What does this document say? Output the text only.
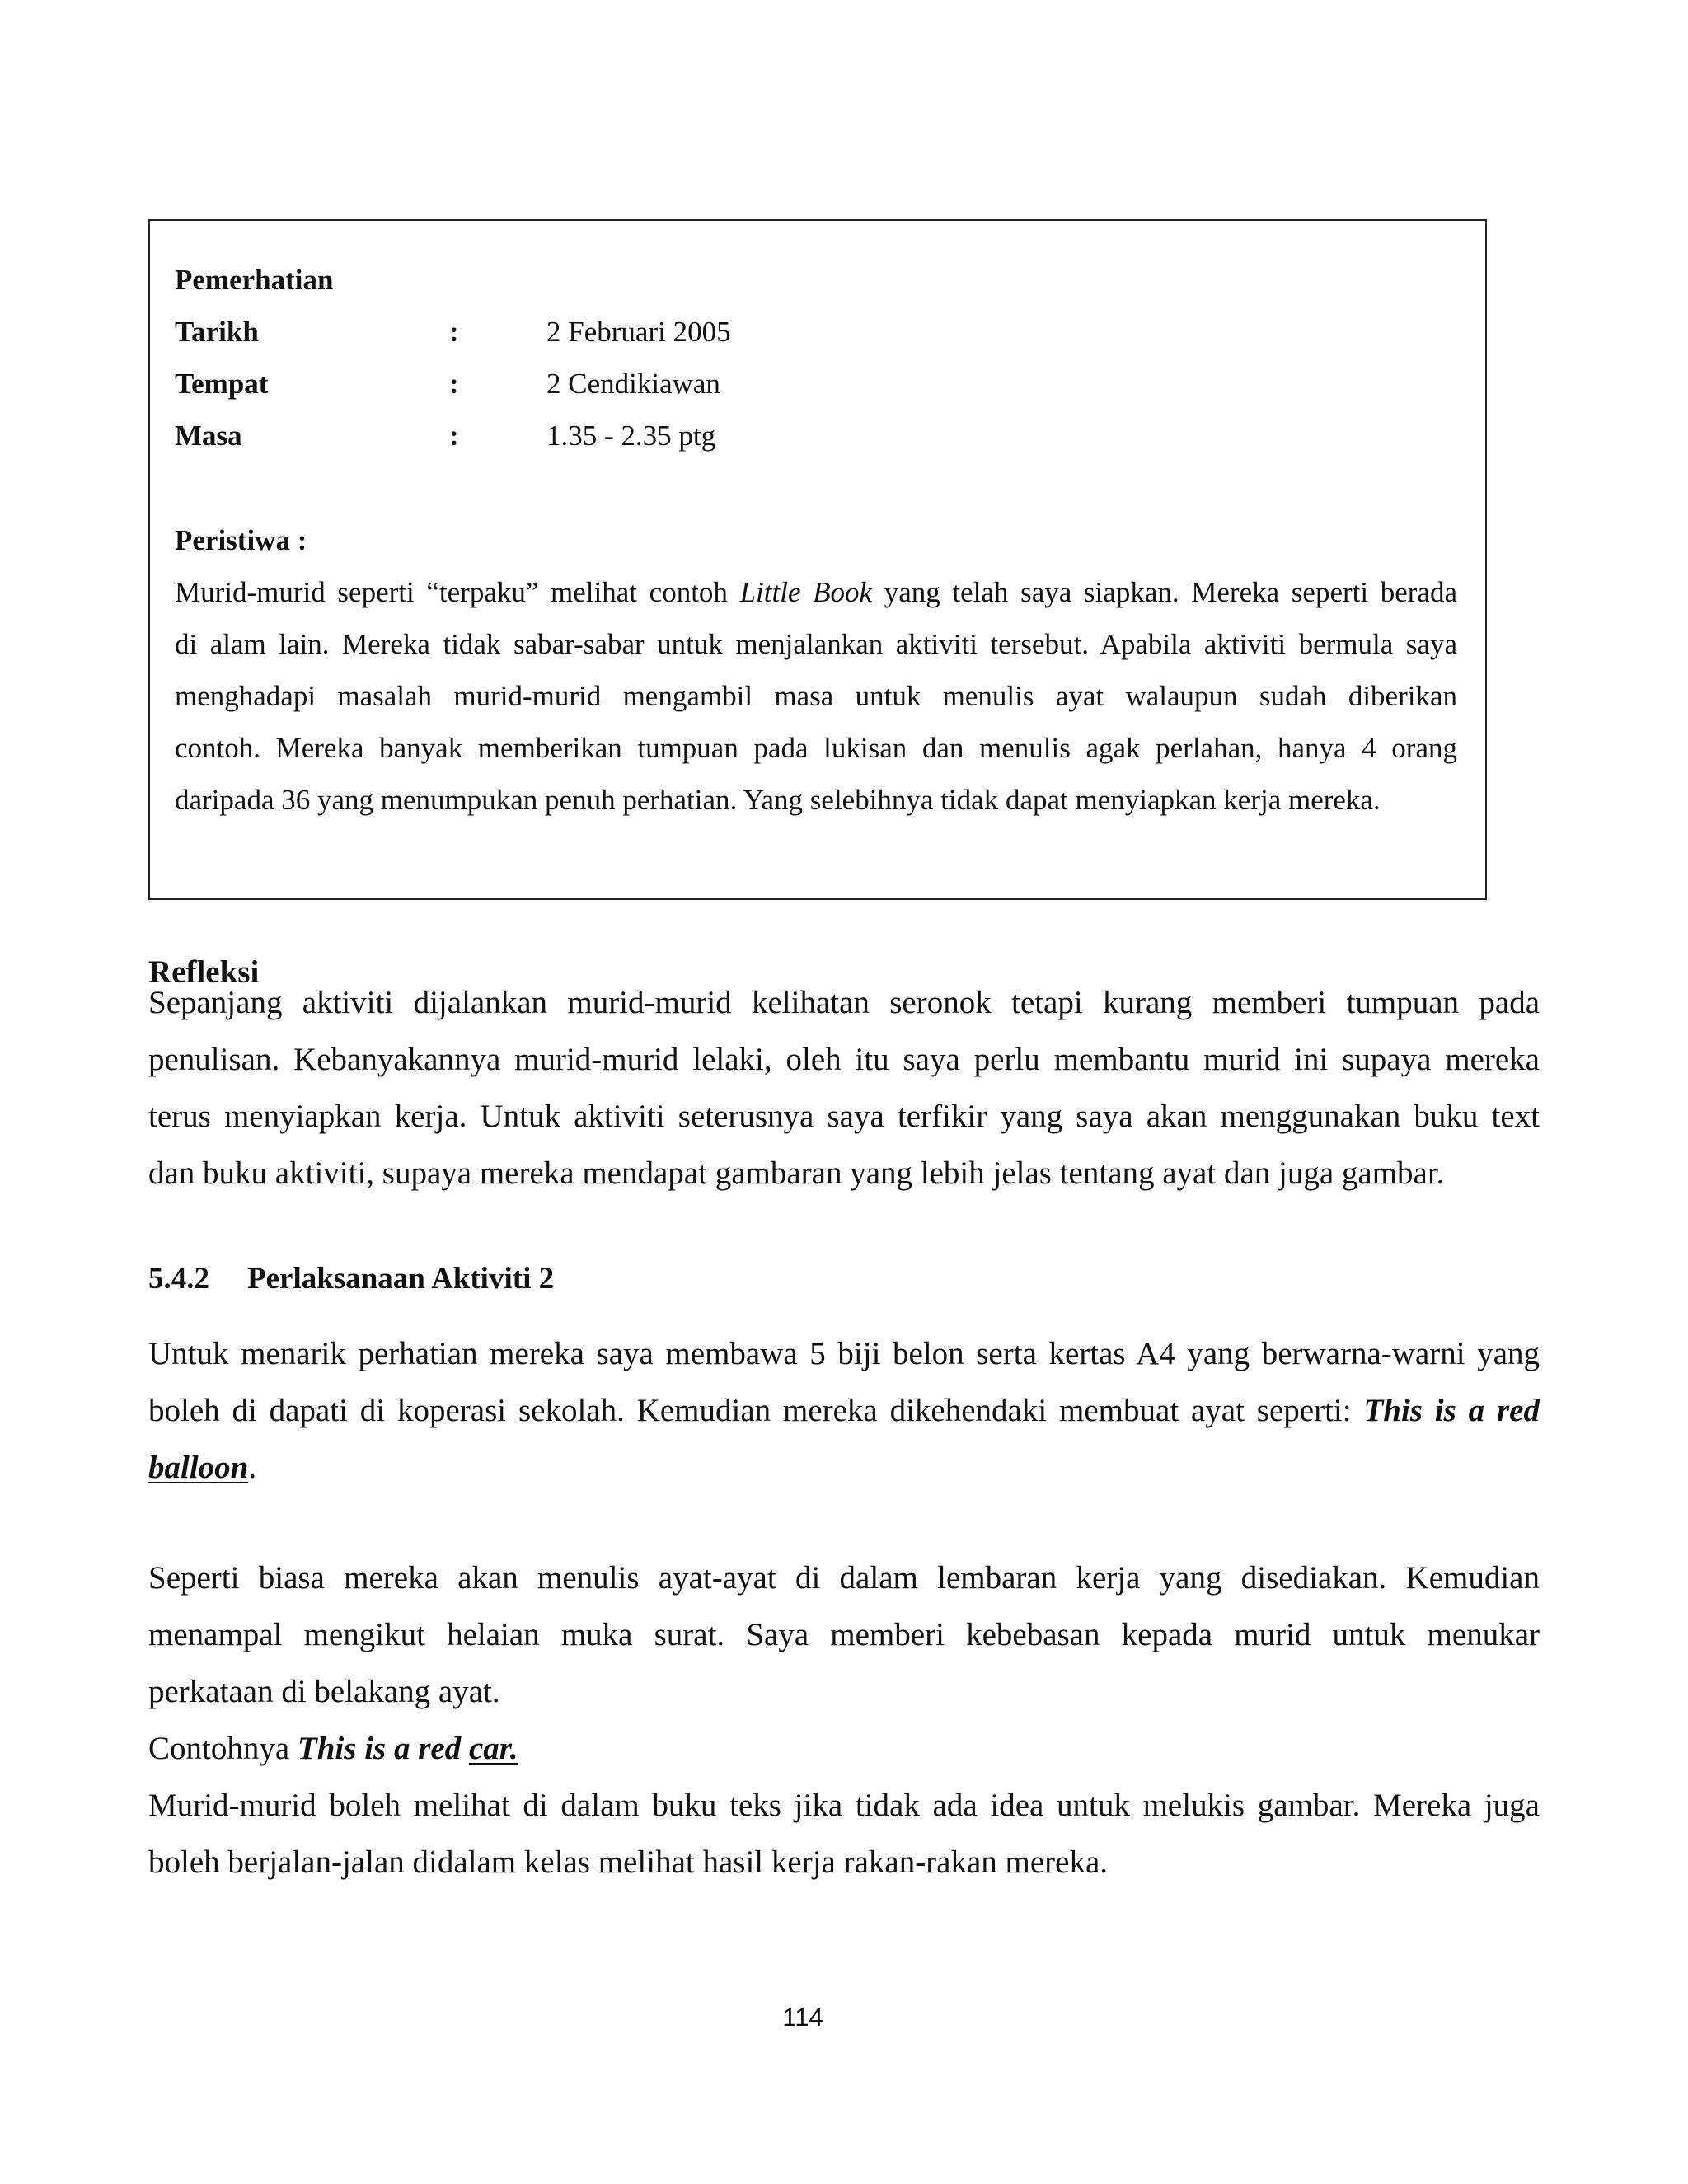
Pemerhatian
Tarikh	:	2 Februari 2005
Tempat	:	2 Cendikiawan
Masa	:	1.35 - 2.35 ptg
Peristiwa :
Murid-murid seperti “terpaku” melihat contoh Little Book yang telah saya siapkan. Mereka seperti berada
di alam lain. Mereka tidak sabar-sabar untuk menjalankan aktiviti tersebut. Apabila aktiviti bermula saya
menghadapi masalah murid-murid mengambil masa untuk menulis ayat walaupun sudah diberikan
contoh. Mereka banyak memberikan tumpuan pada lukisan dan menulis agak perlahan, hanya 4 orang
daripada 36 yang menumpukan penuh perhatian. Yang selebihnya tidak dapat menyiapkan kerja mereka.
Refleksi
Sepanjang aktiviti dijalankan murid-murid kelihatan seronok tetapi kurang memberi tumpuan pada
penulisan. Kebanyakannya murid-murid lelaki, oleh itu saya perlu membantu murid ini supaya mereka
terus menyiapkan kerja. Untuk aktiviti seterusnya saya terfikir yang saya akan menggunakan buku text
dan buku aktiviti, supaya mereka mendapat gambaran yang lebih jelas tentang ayat dan juga gambar.
5.4.2 Perlaksanaan Aktiviti 2
Untuk menarik perhatian mereka saya membawa 5 biji belon serta kertas A4 yang berwarna-warni yang
boleh di dapati di koperasi sekolah. Kemudian mereka dikehendaki membuat ayat seperti: This is a red
balloon.
Seperti biasa mereka akan menulis ayat-ayat di dalam lembaran kerja yang disediakan. Kemudian
menampal mengikut helaian muka surat. Saya memberi kebebasan kepada murid untuk menukar
perkataan di belakang ayat.
Contohnya This is a red car.
Murid-murid boleh melihat di dalam buku teks jika tidak ada idea untuk melukis gambar. Mereka juga
boleh berjalan-jalan didalam kelas melihat hasil kerja rakan-rakan mereka.
114
